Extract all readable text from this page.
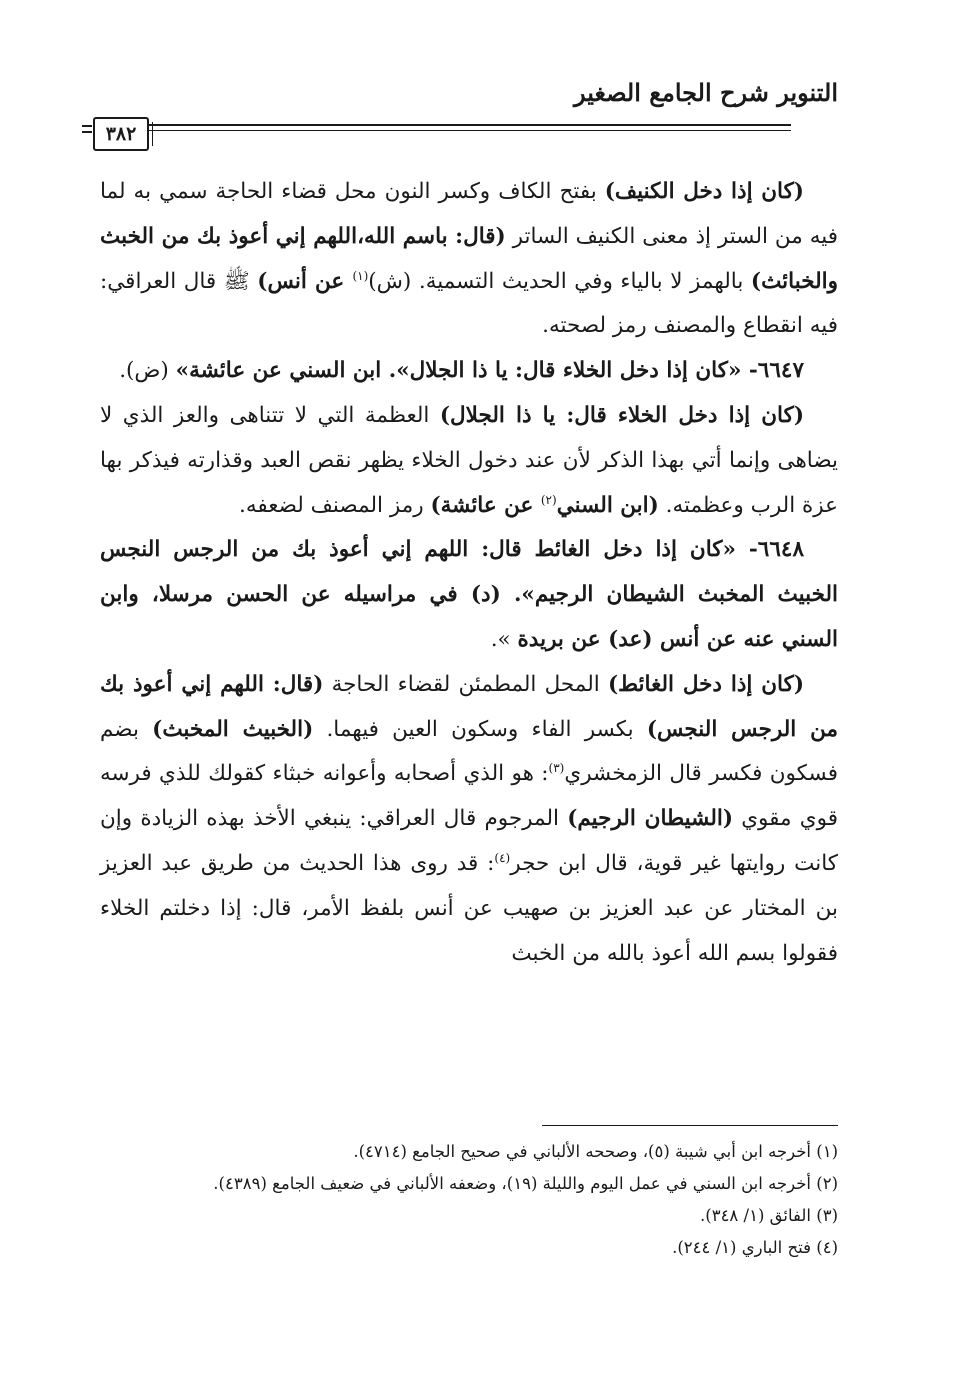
التنوير شرح الجامع الصغير
٣٨٢

(كان إذا دخل الكنيف) بفتح الكاف وكسر النون محل قضاء الحاجة سمي به لما فيه من الستر إذ معنى الكنيف الساتر (قال: باسم الله،اللهم إني أعوذ بك من الخبث والخبائث) بالهمز لا بالياء وفي الحديث التسمية. (ش)$^{(١)}$ عن أنس) ﷺ قال العراقي: فيه انقطاع والمصنف رمز لصحته.

٦٦٤٧- «كان إذا دخل الخلاء قال: يا ذا الجلال». ابن السني عن عائشة» (ض).

(كان إذا دخل الخلاء قال: يا ذا الجلال) العظمة التي لا تتناهى والعز الذي لا يضاهى وإنما أتي بهذا الذكر لأن عند دخول الخلاء يظهر نقص العبد وقذارته فيذكر بها عزة الرب وعظمته. (ابن السني$^{(٢)}$ عن عائشة) رمز المصنف لضعفه.

٦٦٤٨- «كان إذا دخل الغائط قال: اللهم إني أعوذ بك من الرجس النجس الخبيث المخبث الشيطان الرجيم». (د) في مراسيله عن الحسن مرسلا، وابن السني عنه عن أنس (عد) عن بريدة ».

(كان إذا دخل الغائط) المحل المطمئن لقضاء الحاجة (قال: اللهم إني أعوذ بك من الرجس النجس) بكسر الفاء وسكون العين فيهما. (الخبيث المخبث) بضم فسكون فكسر قال الزمخشري$^{(٣)}$: هو الذي أصحابه وأعوانه خبثاء كقولك للذي فرسه قوي مقوي (الشيطان الرجيم) المرجوم قال العراقي: ينبغي الأخذ بهذه الزيادة وإن كانت روايتها غير قوية، قال ابن حجر$^{(٤)}$: قد روى هذا الحديث من طريق عبد العزيز بن المختار عن عبد العزيز بن صهيب عن أنس بلفظ الأمر، قال: إذا دخلتم الخلاء فقولوا بسم الله أعوذ بالله من الخبث

(١) أخرجه ابن أبي شيبة (٥)، وصححه الألباني في صحيح الجامع (٤٧١٤).
(٢) أخرجه ابن السني في عمل اليوم والليلة (١٩)، وضعفه الألباني في ضعيف الجامع (٤٣٨٩).
(٣) الفائق (١/ ٣٤٨).
(٤) فتح الباري (١/ ٢٤٤).
